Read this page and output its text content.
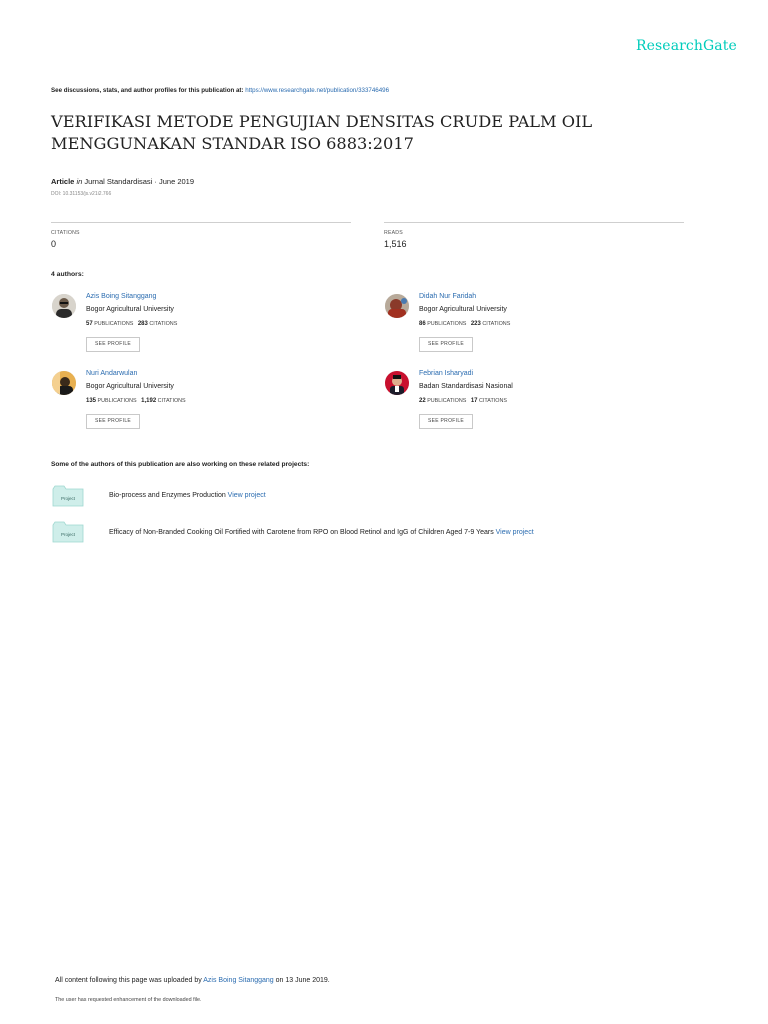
ResearchGate
See discussions, stats, and author profiles for this publication at: https://www.researchgate.net/publication/333746496
VERIFIKASI METODE PENGUJIAN DENSITAS CRUDE PALM OIL MENGGUNAKAN STANDAR ISO 6883:2017
Article in Jurnal Standardisasi · June 2019
DOI: 10.31153/js.v21i2.766
CITATIONS
0
READS
1,516
4 authors:
Azis Boing Sitanggang
Bogor Agricultural University
57 PUBLICATIONS 283 CITATIONS
SEE PROFILE
Didah Nur Faridah
Bogor Agricultural University
86 PUBLICATIONS 223 CITATIONS
SEE PROFILE
Nuri Andarwulan
Bogor Agricultural University
135 PUBLICATIONS 1,192 CITATIONS
SEE PROFILE
Febrian Isharyadi
Badan Standardisasi Nasional
22 PUBLICATIONS 17 CITATIONS
SEE PROFILE
Some of the authors of this publication are also working on these related projects:
Project	Bio-process and Enzymes Production View project
Project	Efficacy of Non-Branded Cooking Oil Fortified with Carotene from RPO on Blood Retinol and IgG of Children Aged 7-9 Years View project
All content following this page was uploaded by Azis Boing Sitanggang on 13 June 2019.
The user has requested enhancement of the downloaded file.
